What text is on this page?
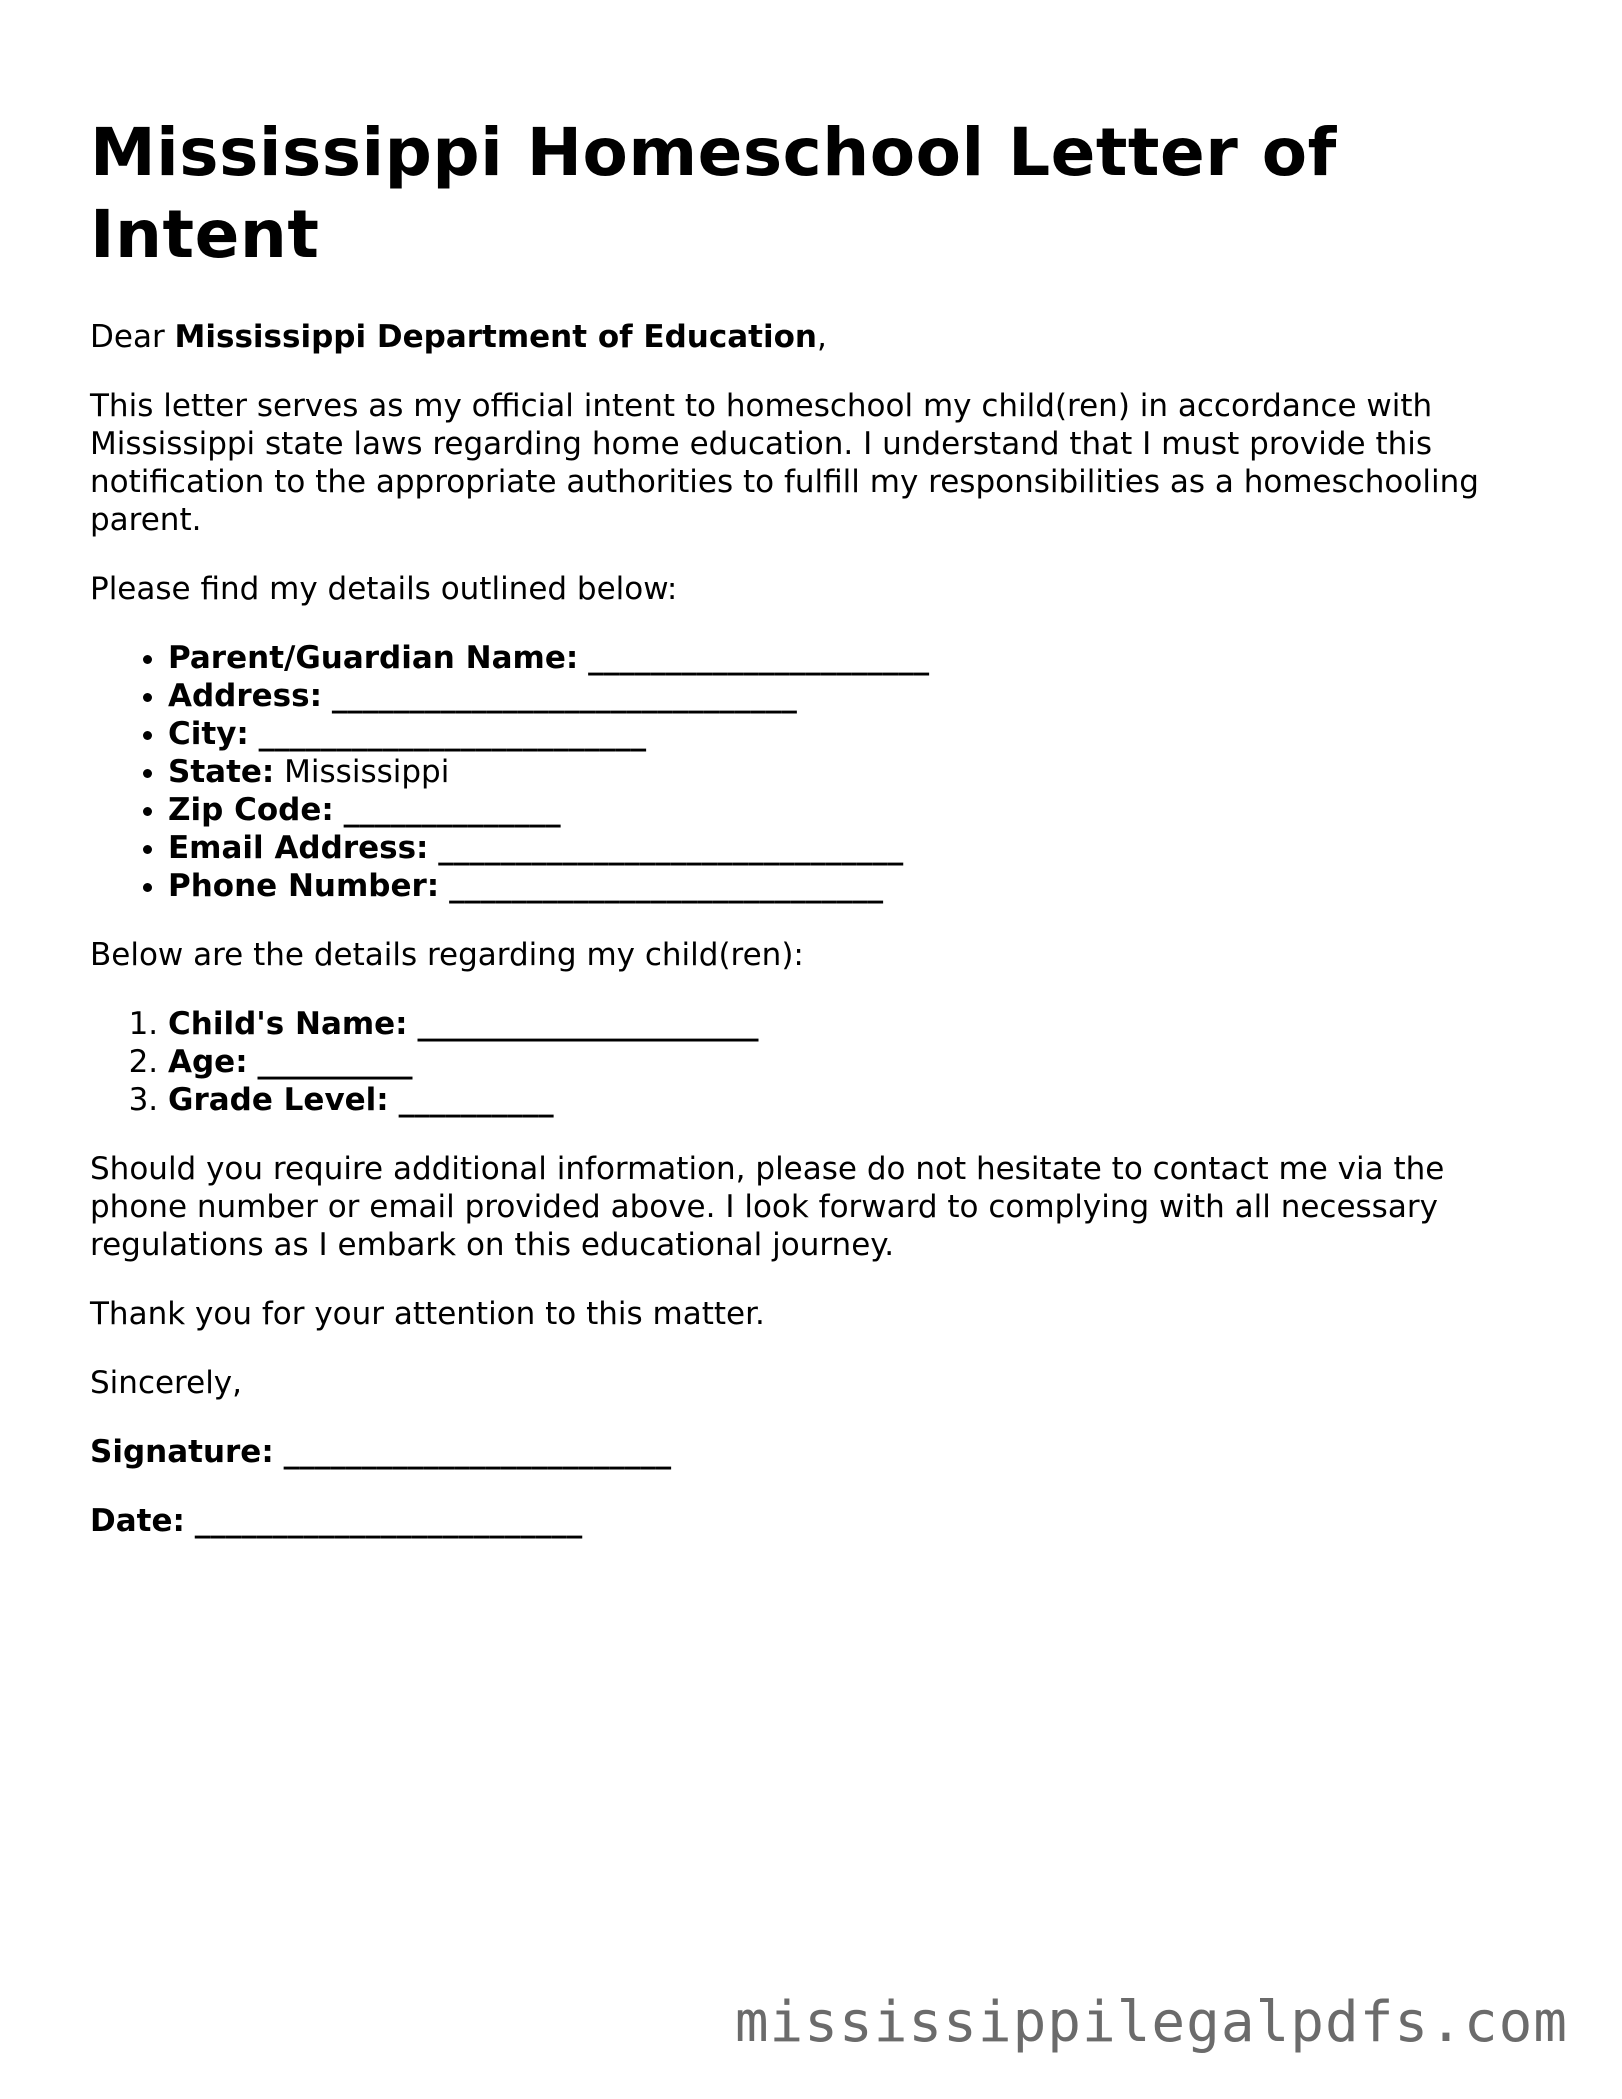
Mississippi Homeschool Letter of Intent

Dear Mississippi Department of Education,

This letter serves as my official intent to homeschool my child(ren) in accordance with Mississippi state laws regarding home education. I understand that I must provide this notification to the appropriate authorities to fulfill my responsibilities as a homeschooling parent.

Please find my details outlined below:

• Parent/Guardian Name: ______________________
• Address: ______________________________
• City: _________________________
• State: Mississippi
• Zip Code: ______________
• Email Address: ______________________________
• Phone Number: ____________________________

Below are the details regarding my child(ren):

1. Child's Name: ______________________
2. Age: __________
3. Grade Level: __________

Should you require additional information, please do not hesitate to contact me via the phone number or email provided above. I look forward to complying with all necessary regulations as I embark on this educational journey.

Thank you for your attention to this matter.

Sincerely,

Signature: _________________________

Date: _________________________

mississippilegalpdfs.com
